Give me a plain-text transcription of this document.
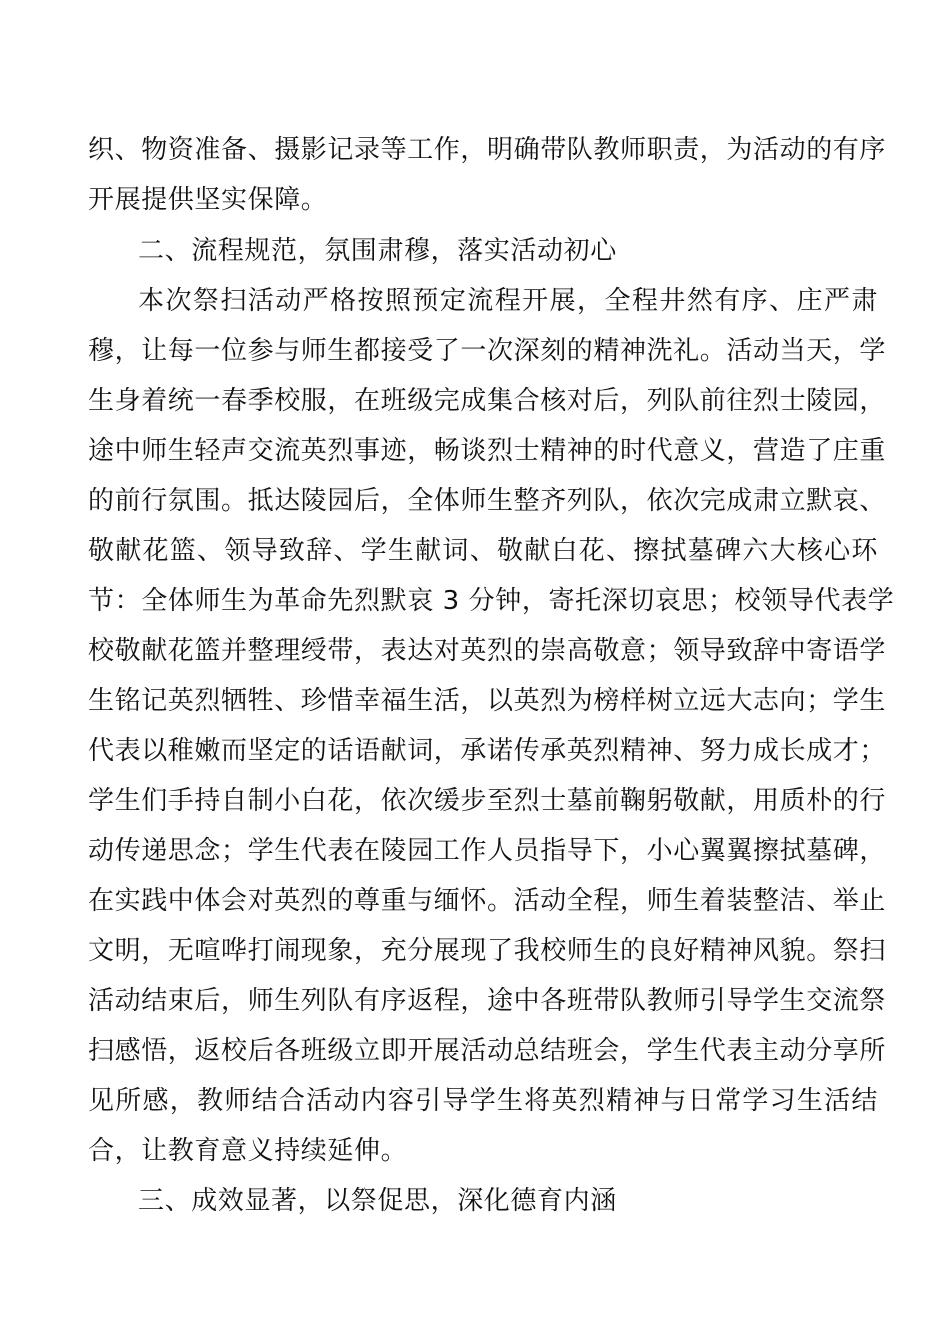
织、物资准备、摄影记录等工作，明确带队教师职责，为活动的有序
开展提供坚实保障。
二、流程规范，氛围肃穆，落实活动初心
本次祭扫活动严格按照预定流程开展，全程井然有序、庄严肃
穆，让每一位参与师生都接受了一次深刻的精神洗礼。活动当天，学
生身着统一春季校服，在班级完成集合核对后，列队前往烈士陵园，
途中师生轻声交流英烈事迹，畅谈烈士精神的时代意义，营造了庄重
的前行氛围。抵达陵园后，全体师生整齐列队，依次完成肃立默哀、
敬献花篮、领导致辞、学生献词、敬献白花、擦拭墓碑六大核心环
节：全体师生为革命先烈默哀 3 分钟，寄托深切哀思；校领导代表学
校敬献花篮并整理绶带，表达对英烈的崇高敬意；领导致辞中寄语学
生铭记英烈牺牲、珍惜幸福生活，以英烈为榜样树立远大志向；学生
代表以稚嫩而坚定的话语献词，承诺传承英烈精神、努力成长成才；
学生们手持自制小白花，依次缓步至烈士墓前鞠躬敬献，用质朴的行
动传递思念；学生代表在陵园工作人员指导下，小心翼翼擦拭墓碑，
在实践中体会对英烈的尊重与缅怀。活动全程，师生着装整洁、举止
文明，无喧哗打闹现象，充分展现了我校师生的良好精神风貌。祭扫
活动结束后，师生列队有序返程，途中各班带队教师引导学生交流祭
扫感悟，返校后各班级立即开展活动总结班会，学生代表主动分享所
见所感，教师结合活动内容引导学生将英烈精神与日常学习生活结
合，让教育意义持续延伸。
三、成效显著，以祭促思，深化德育内涵
